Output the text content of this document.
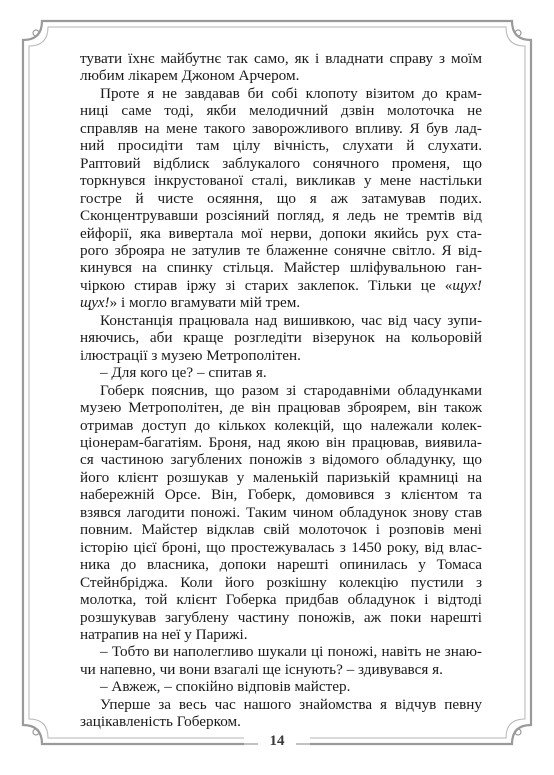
тувати їхнє майбутнє так само, як і владнати справу з моїм
любим лікарем Джоном Арчером.
Проте я не завдавав би собі клопоту візитом до крам-
ниці саме тоді, якби мелодичний дзвін молоточка не
справляв на мене такого заворожливого впливу. Я був лад-
ний просидіти там цілу вічність, слухати й слухати.
Раптовий відблиск заблукалого сонячного променя, що
торкнувся інкрустованої сталі, викликав у мене настільки
гостре й чисте осяяння, що я аж затамував подих.
Сконцентрувавши розсіяний погляд, я ледь не тремтів від
ейфорії, яка вивертала мої нерви, допоки якийсь рух ста-
рого зброяра не затулив те блаженне сонячне світло. Я від-
кинувся на спинку стільця. Майстер шліфувальною ган-
чіркою стирав іржу зі старих заклепок. Тільки це «щух!
щух!» і могло вгамувати мій трем.
Констанція працювала над вишивкою, час від часу зупи-
няючись, аби краще розгледіти візерунок на кольоровій
ілюстрації з музею Метрополітен.
– Для кого це? – спитав я.
Гоберк пояснив, що разом зі стародавніми обладунками
музею Метрополітен, де він працював зброярем, він також
отримав доступ до кількох колекцій, що належали колек-
ціонерам-багатіям. Броня, над якою він працював, виявила-
ся частиною загублених поножів з відомого обладунку, що
його клієнт розшукав у маленькій паризькій крамниці на
набережній Орсе. Він, Гоберк, домовився з клієнтом та
взявся лагодити поножі. Таким чином обладунок знову став
повним. Майстер відклав свій молоточок і розповів мені
історію цієї броні, що простежувалась з 1450 року, від влас-
ника до власника, допоки нарешті опинилась у Томаса
Стейнбріджа. Коли його розкішну колекцію пустили з
молотка, той клієнт Гоберка придбав обладунок і відтоді
розшукував загублену частину поножів, аж поки нарешті
натрапив на неї у Парижі.
– Тобто ви наполегливо шукали ці поножі, навіть не знаю-
чи напевно, чи вони взагалі ще існують? – здивувався я.
– Авжеж, – спокійно відповів майстер.
Уперше за весь час нашого знайомства я відчув певну
зацікавленість Гоберком.
14
